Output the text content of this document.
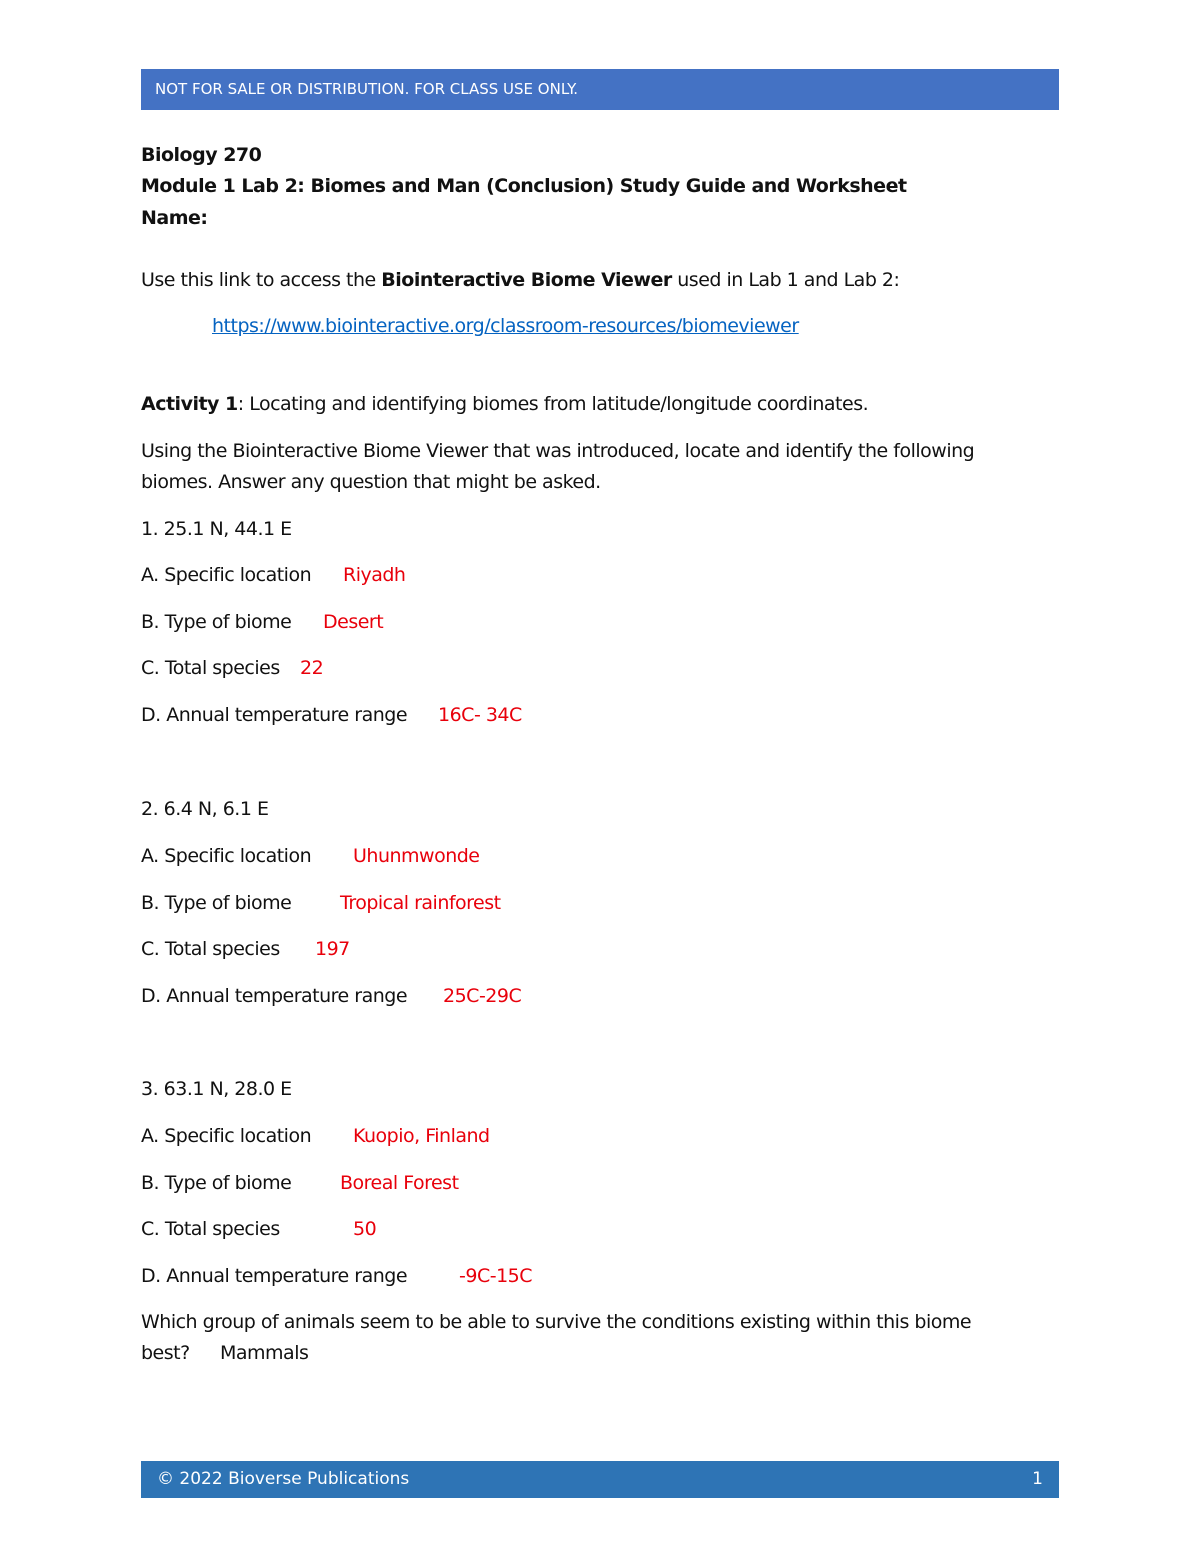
NOT FOR SALE OR DISTRIBUTION. FOR CLASS USE ONLY.
Biology 270
Module 1 Lab 2: Biomes and Man (Conclusion) Study Guide and Worksheet
Name:
Use this link to access the Biointeractive Biome Viewer used in Lab 1 and Lab 2:
https://www.biointeractive.org/classroom-resources/biomeviewer
Activity 1: Locating and identifying biomes from latitude/longitude coordinates.
Using the Biointeractive Biome Viewer that was introduced, locate and identify the following
biomes. Answer any question that might be asked.
1. 25.1 N, 44.1 E
A. Specific location Riyadh
B. Type of biome Desert
C. Total species 22
D. Annual temperature range 16C- 34C
2. 6.4 N, 6.1 E
A. Specific location Uhunmwonde
B. Type of biome	Tropical rainforest
C. Total species 197
D. Annual temperature range 25C-29C
3. 63.1 N, 28.0 E
A. Specific location Kuopio, Finland
B. Type of biome	Boreal Forest
C. Total species	50
D. Annual temperature range	-9C-15C
Which group of animals seem to be able to survive the conditions existing within this biome
best? Mammals
© 2022 Bioverse Publications	1
